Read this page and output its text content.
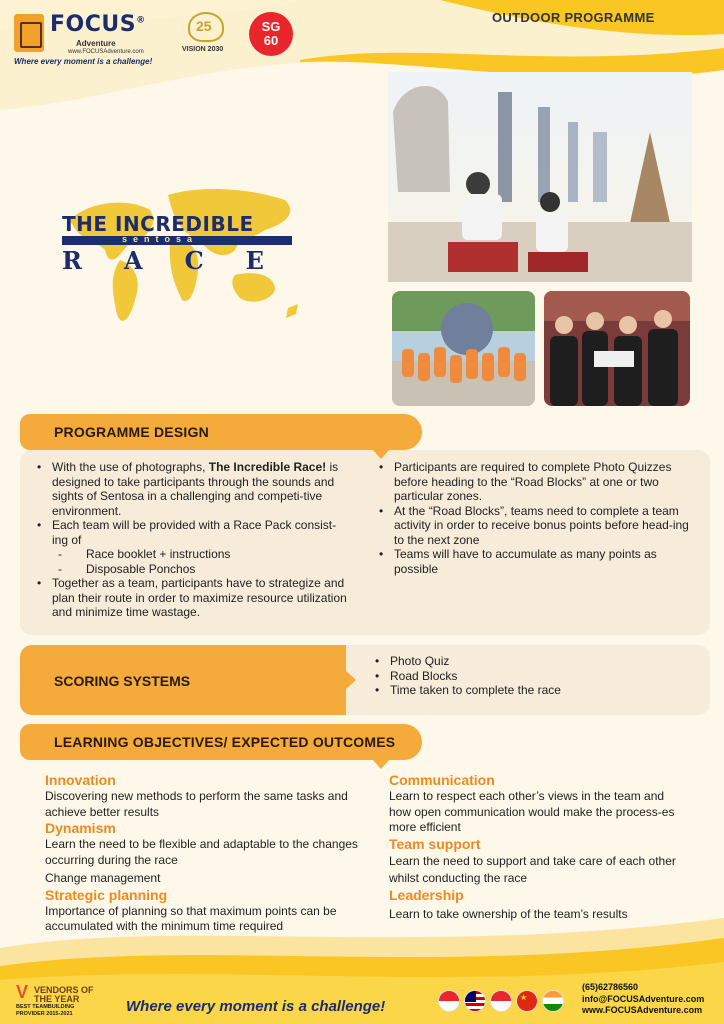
FOCUS®
Adventure
www.FOCUSAdventure.com
Where every moment is a challenge!
25
VISION 2030
SG
60
OUTDOOR PROGRAMME
THE INCREDIBLE
sentosa
RACE
PROGRAMME DESIGN
• With the use of photographs, The Incredible Race! is designed to take participants through the sounds and sights of Sentosa in a challenging and competi-tive environment.
• Each team will be provided with a Race Pack consist-ing of
- Race booklet + instructions
- Disposable Ponchos
• Together as a team, participants have to strategize and plan their route in order to maximize resource utilization and minimize time wastage.
• Participants are required to complete Photo Quizzes before heading to the “Road Blocks” at one or two particular zones.
• At the “Road Blocks”, teams need to complete a team activity in order to receive bonus points before head-ing to the next zone
• Teams will have to accumulate as many points as possible
SCORING SYSTEMS
• Photo Quiz
• Road Blocks
• Time taken to complete the race
LEARNING OBJECTIVES/ EXPECTED OUTCOMES
Innovation
Discovering new methods to perform the same tasks and achieve better results
Dynamism
Learn the need to be flexible and adaptable to the changes occurring during the race
Change management
Strategic planning
Importance of planning so that maximum points can be accumulated with the minimum time required
Communication
Learn to respect each other’s views in the team and how open communication would make the process-es more efficient
Team support
Learn the need to support and take care of each other whilst conducting the race
Leadership
Learn to take ownership of the team’s results
V VENDORS OF
THE YEAR
BEST TEAMBUILDING
PROVIDER 2015-2021	Where every moment is a challenge!
★
(65)62786560
info@FOCUSAdventure.com
www.FOCUSAdventure.com
